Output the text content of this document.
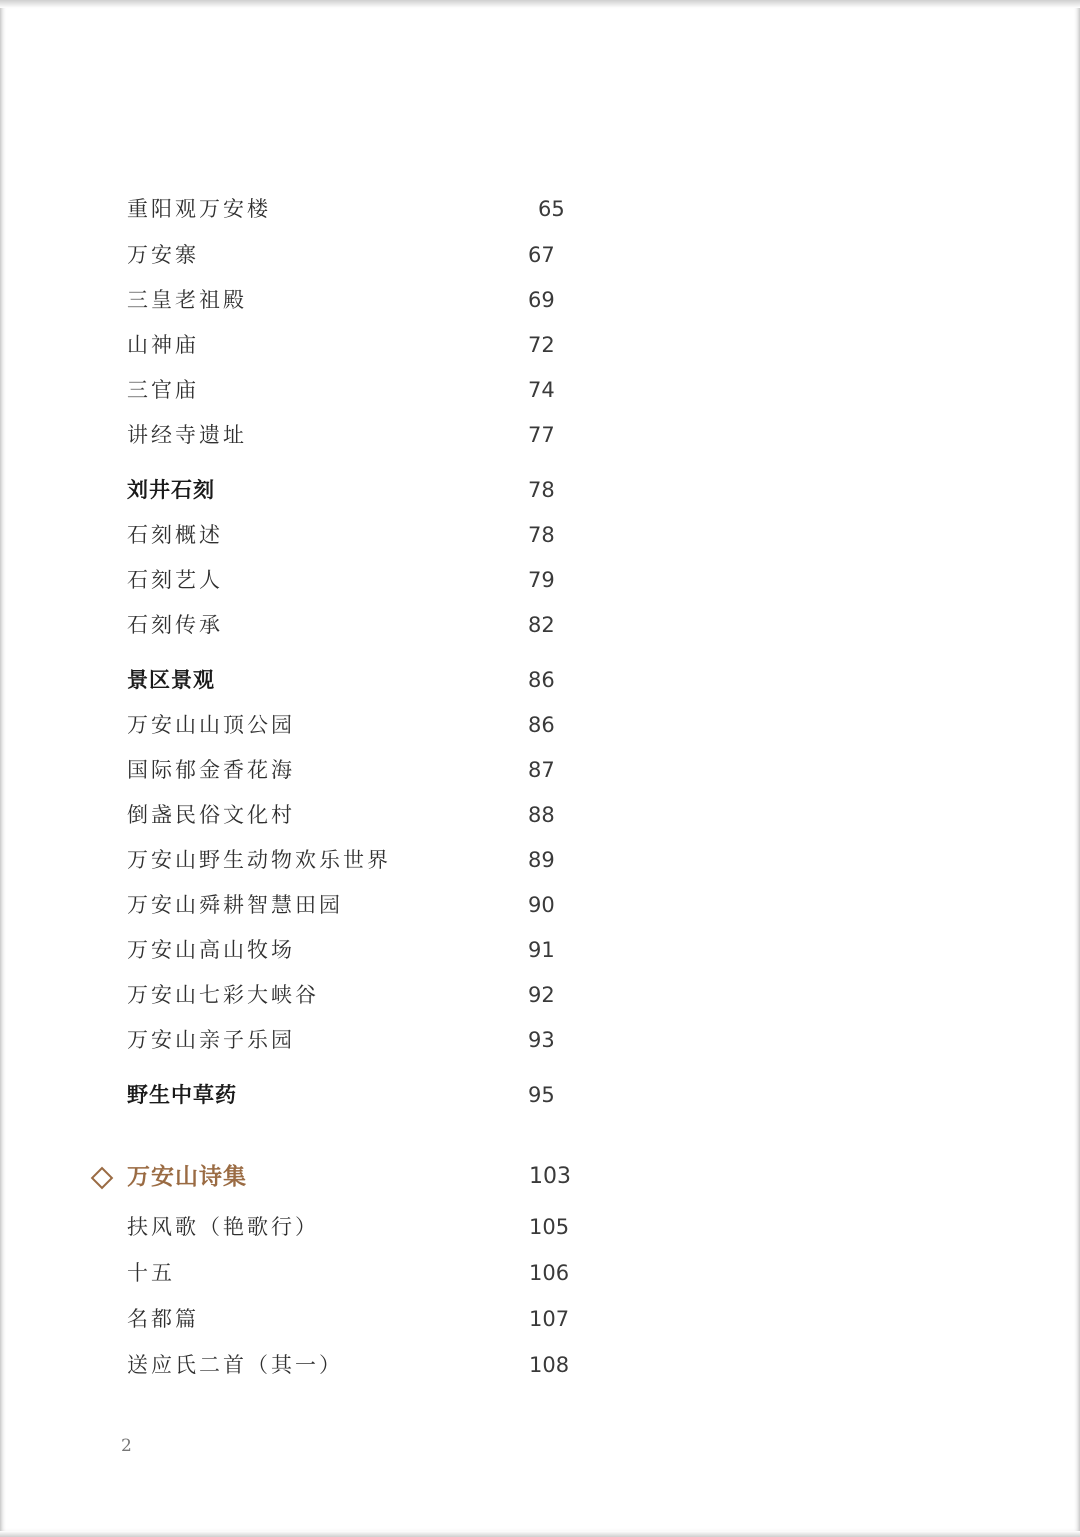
重阳观万安楼	65
万安寨	67
三皇老祖殿	69
山神庙	72
三官庙	74
讲经寺遗址	77
刘井石刻	78
石刻概述	78
石刻艺人	79
石刻传承	82
景区景观	86
万安山山顶公园	86
国际郁金香花海	87
倒盏民俗文化村	88
万安山野生动物欢乐世界	89
万安山舜耕智慧田园	90
万安山高山牧场	91
万安山七彩大峡谷	92
万安山亲子乐园	93
野生中草药	95
万安山诗集	103
扶风歌（艳歌行）	105
十五	106
名都篇	107
送应氏二首（其一）	108
2
